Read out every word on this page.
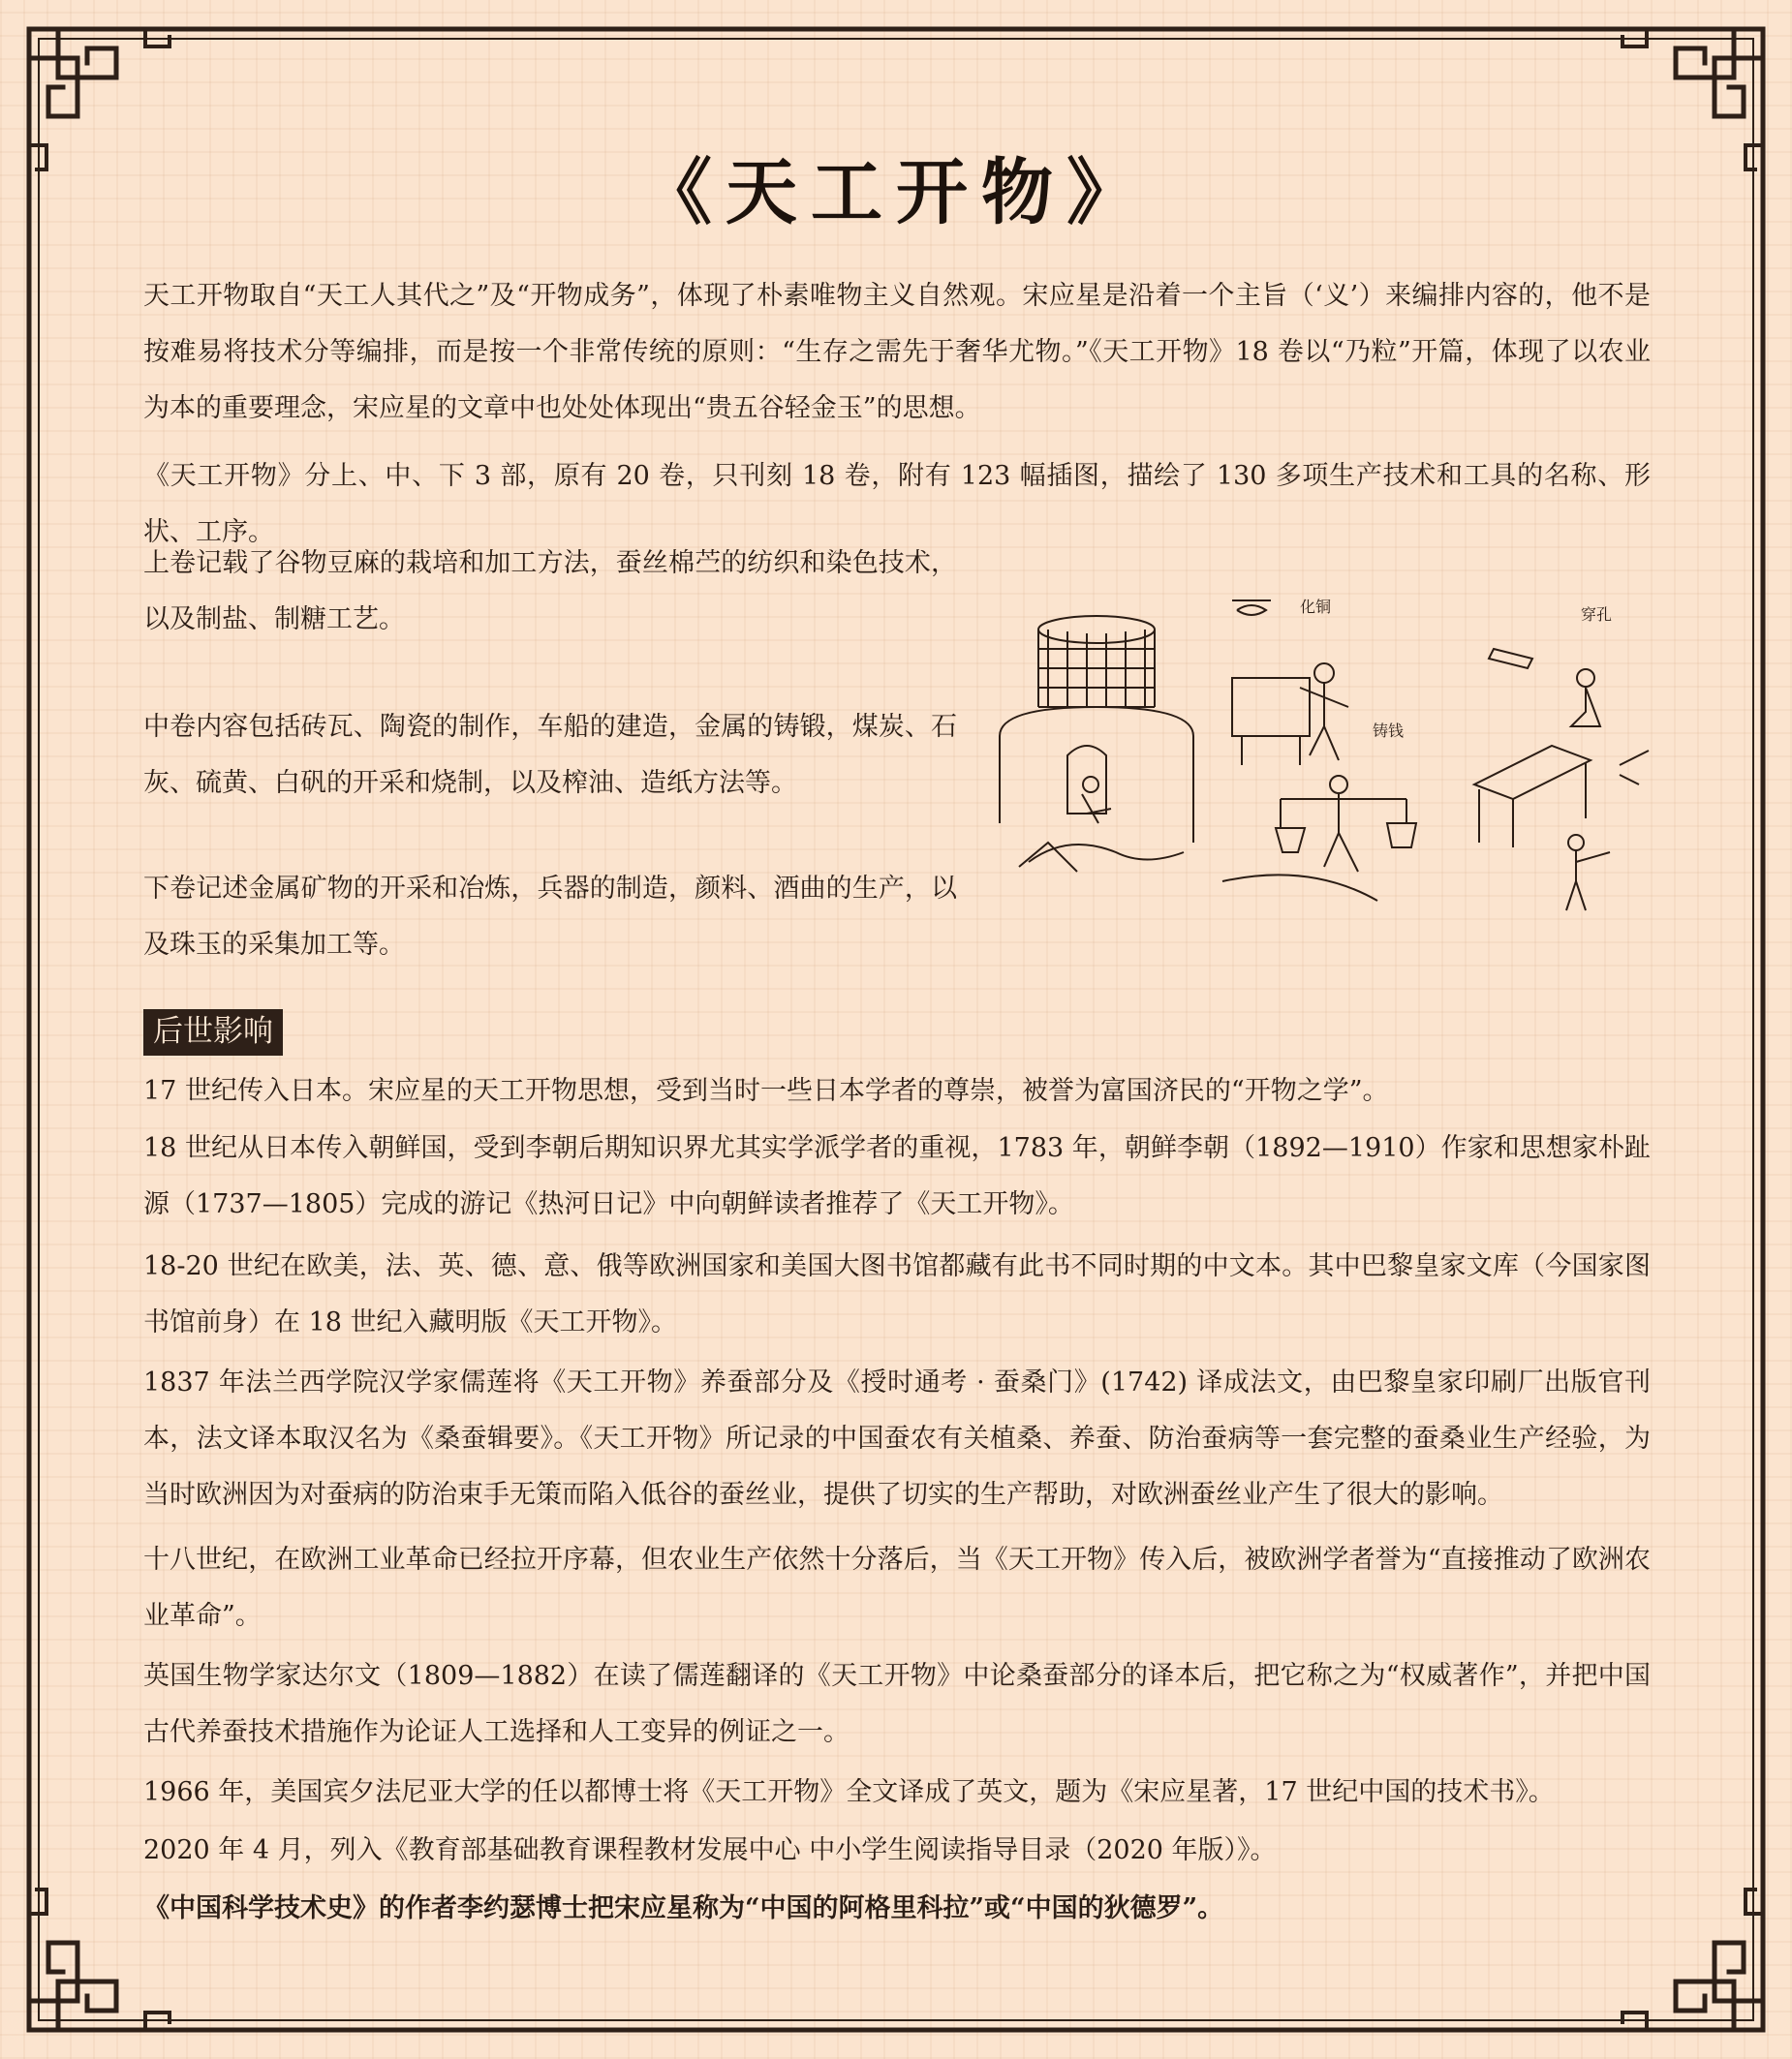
《天工开物》
天工开物取自“天工人其代之”及“开物成务”，体现了朴素唯物主义自然观。宋应星是沿着一个主旨（‘义’）来编排内容的，他不是按难易将技术分等编排，而是按一个非常传统的原则：“生存之需先于奢华尤物。”《天工开物》18 卷以“乃粒”开篇，体现了以农业为本的重要理念，宋应星的文章中也处处体现出“贵五谷轻金玉”的思想。
《天工开物》分上、中、下 3 部，原有 20 卷，只刊刻 18 卷，附有 123 幅插图，描绘了 130 多项生产技术和工具的名称、形状、工序。
上卷记载了谷物豆麻的栽培和加工方法，蚕丝棉苎的纺织和染色技术，以及制盐、制糖工艺。
中卷内容包括砖瓦、陶瓷的制作，车船的建造，金属的铸锻，煤炭、石灰、硫黄、白矾的开采和烧制，以及榨油、造纸方法等。
下卷记述金属矿物的开采和冶炼，兵器的制造，颜料、酒曲的生产，以及珠玉的采集加工等。
化铜
铸钱
穿孔
后世影响
17 世纪传入日本。宋应星的天工开物思想，受到当时一些日本学者的尊崇，被誉为富国济民的“开物之学”。
18 世纪从日本传入朝鲜国，受到李朝后期知识界尤其实学派学者的重视，1783 年，朝鲜李朝（1892—1910）作家和思想家朴趾源（1737—1805）完成的游记《热河日记》中向朝鲜读者推荐了《天工开物》。
18-20 世纪在欧美，法、英、德、意、俄等欧洲国家和美国大图书馆都藏有此书不同时期的中文本。其中巴黎皇家文库（今国家图书馆前身）在 18 世纪入藏明版《天工开物》。
1837 年法兰西学院汉学家儒莲将《天工开物》养蚕部分及《授时通考 · 蚕桑门》(1742) 译成法文，由巴黎皇家印刷厂出版官刊本，法文译本取汉名为《桑蚕辑要》。《天工开物》所记录的中国蚕农有关植桑、养蚕、防治蚕病等一套完整的蚕桑业生产经验，为当时欧洲因为对蚕病的防治束手无策而陷入低谷的蚕丝业，提供了切实的生产帮助，对欧洲蚕丝业产生了很大的影响。
十八世纪，在欧洲工业革命已经拉开序幕，但农业生产依然十分落后，当《天工开物》传入后，被欧洲学者誉为“直接推动了欧洲农业革命”。
英国生物学家达尔文（1809—1882）在读了儒莲翻译的《天工开物》中论桑蚕部分的译本后，把它称之为“权威著作”，并把中国古代养蚕技术措施作为论证人工选择和人工变异的例证之一。
1966 年，美国宾夕法尼亚大学的任以都博士将《天工开物》全文译成了英文，题为《宋应星著，17 世纪中国的技术书》。
2020 年 4 月，列入《教育部基础教育课程教材发展中心 中小学生阅读指导目录（2020 年版）》。
《中国科学技术史》的作者李约瑟博士把宋应星称为“中国的阿格里科拉”或“中国的狄德罗”。
